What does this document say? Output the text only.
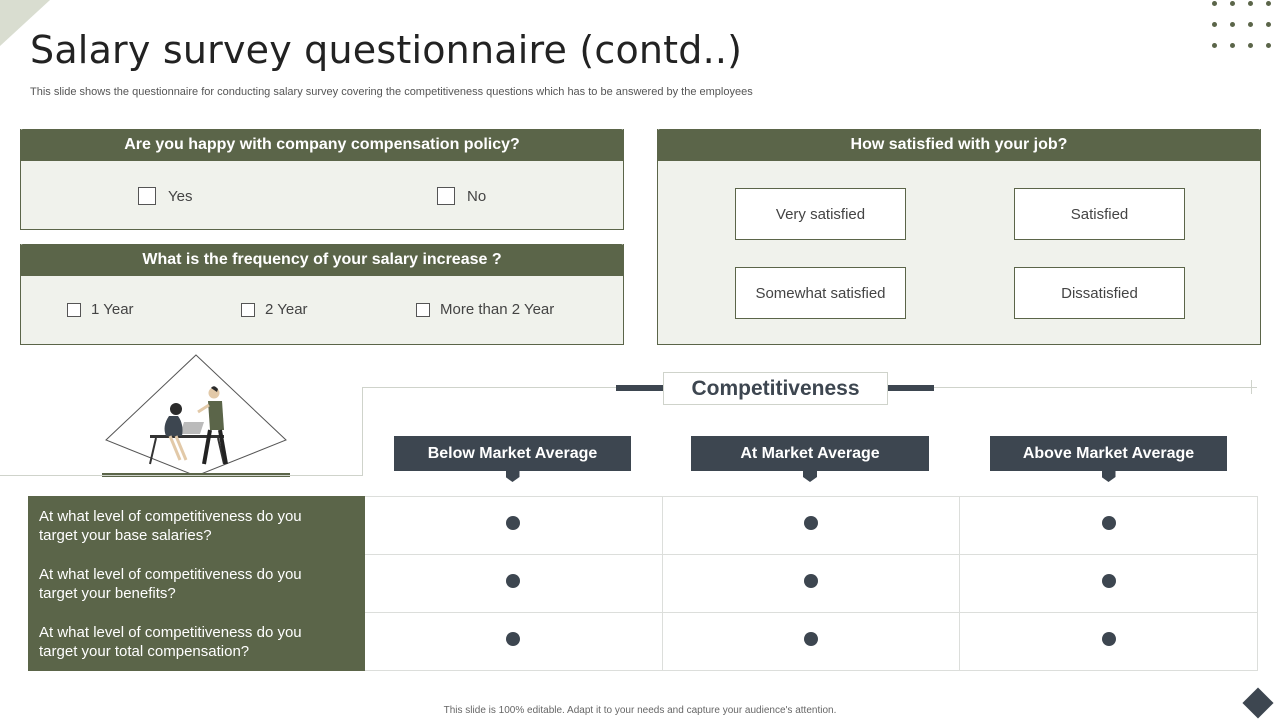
Salary survey questionnaire (contd..)

This slide shows the questionnaire for conducting salary survey covering the competitiveness questions which has to be answered by the employees

Are you happy with company compensation policy?
Yes	No
What is the frequency of your salary increase ?
1 Year	2 Year	More than 2 Year
How satisfied with your job?
Very satisfied	Satisfied
Somewhat satisfied	Dissatisfied
Competitiveness
Below Market Average	At Market Average	Above Market Average
At what level of competitiveness do you target your base salaries?			

At what level of competitiveness do you target your benefits?			

At what level of competitiveness do you target your total compensation?			

This slide is 100% editable. Adapt it to your needs and capture your audience's attention.
